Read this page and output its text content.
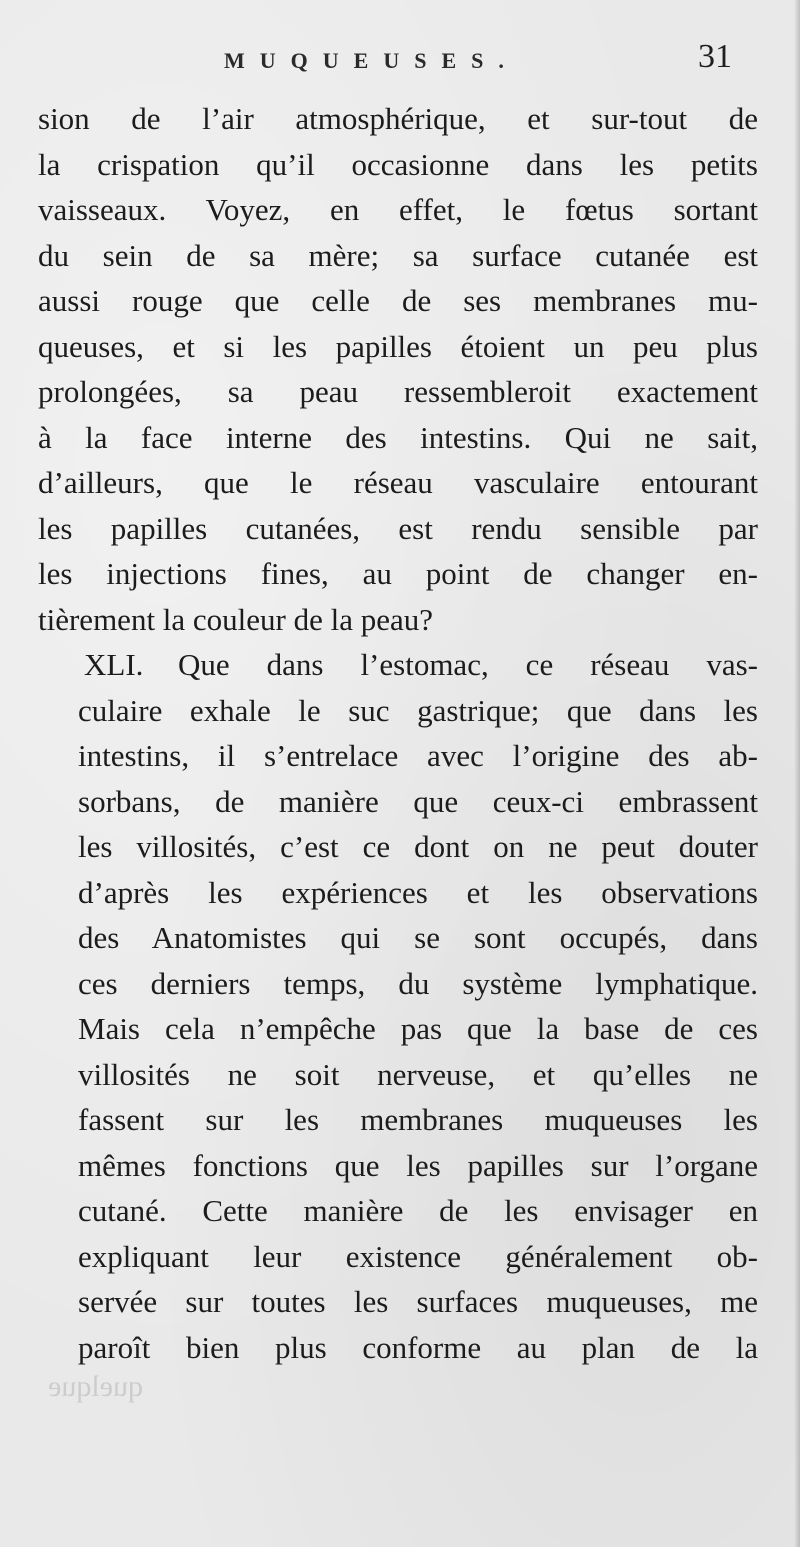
MUQUEUSES.	31
sion de l’air atmosphérique, et sur-tout de
la crispation qu’il occasionne dans les petits
vaisseaux. Voyez, en effet, le fœtus sortant
du sein de sa mère; sa surface cutanée est
aussi rouge que celle de ses membranes mu-
queuses, et si les papilles étoient un peu plus
prolongées, sa peau ressembleroit exactement
à la face interne des intestins. Qui ne sait,
d’ailleurs, que le réseau vasculaire entourant
les papilles cutanées, est rendu sensible par
les injections fines, au point de changer en-
tièrement la couleur de la peau?
XLI. Que dans l’estomac, ce réseau vas-
culaire exhale le suc gastrique; que dans les
intestins, il s’entrelace avec l’origine des ab-
sorbans, de manière que ceux-ci embrassent
les villosités, c’est ce dont on ne peut douter
d’après les expériences et les observations
des Anatomistes qui se sont occupés, dans
ces derniers temps, du système lymphatique.
Mais cela n’empêche pas que la base de ces
villosités ne soit nerveuse, et qu’elles ne
fassent sur les membranes muqueuses les
mêmes fonctions que les papilles sur l’organe
cutané. Cette manière de les envisager en
expliquant leur existence généralement ob-
servée sur toutes les surfaces muqueuses, me
paroît bien plus conforme au plan de la
quelque
